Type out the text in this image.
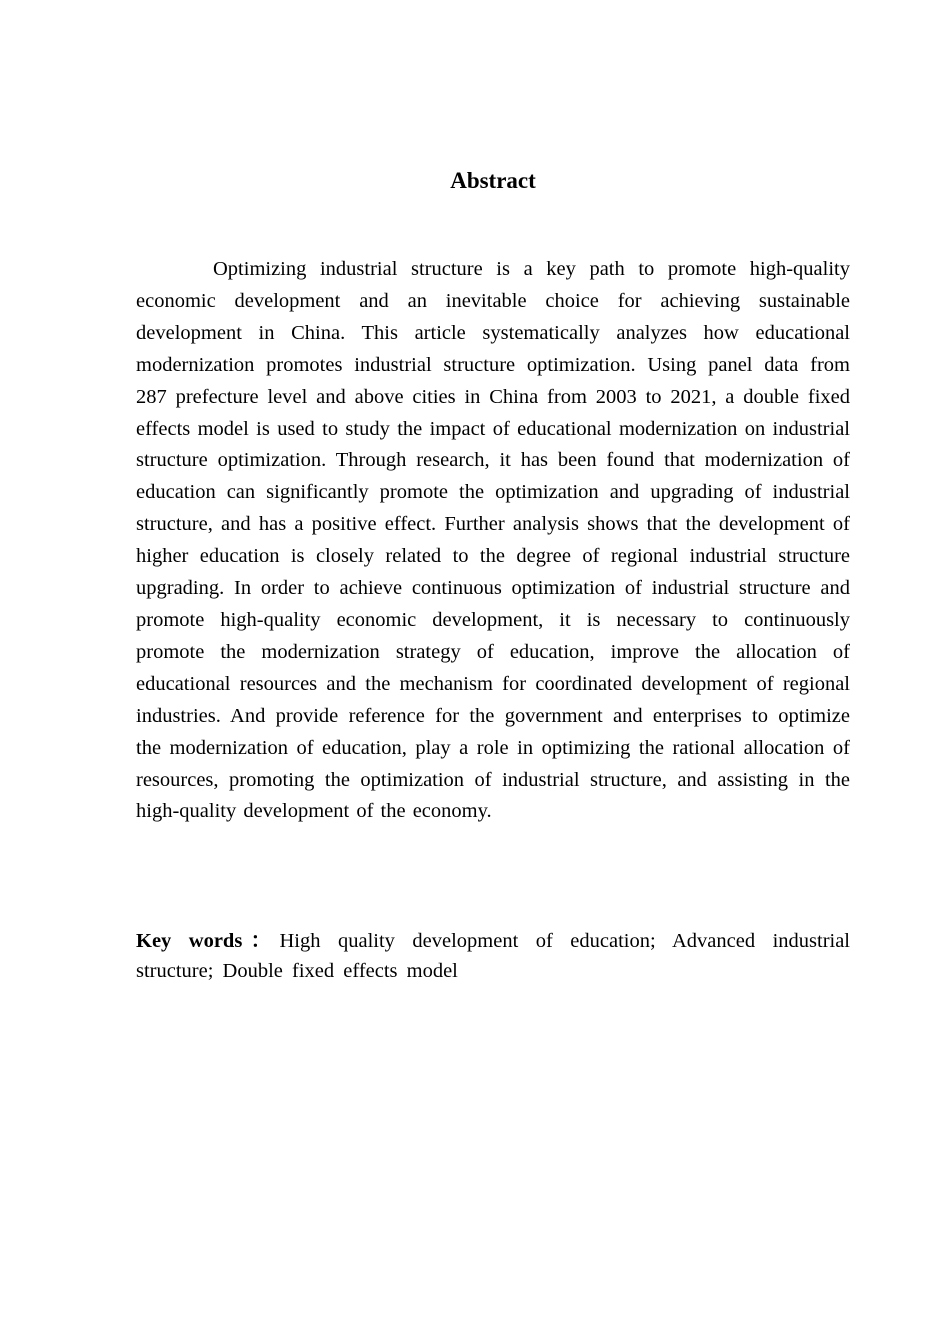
Abstract

Optimizing industrial structure is a key path to promote high-quality economic development and an inevitable choice for achieving sustainable development in China. This article systematically analyzes how educational modernization promotes industrial structure optimization. Using panel data from 287 prefecture level and above cities in China from 2003 to 2021, a double fixed effects model is used to study the impact of educational modernization on industrial structure optimization. Through research, it has been found that modernization of education can significantly promote the optimization and upgrading of industrial structure, and has a positive effect. Further analysis shows that the development of higher education is closely related to the degree of regional industrial structure upgrading. In order to achieve continuous optimization of industrial structure and promote high-quality economic development, it is necessary to continuously promote the modernization strategy of education, improve the allocation of educational resources and the mechanism for coordinated development of regional industries. And provide reference for the government and enterprises to optimize the modernization of education, play a role in optimizing the rational allocation of resources, promoting the optimization of industrial structure, and assisting in the high-quality development of the economy.

Key words：High quality development of education; Advanced industrial structure; Double fixed effects model
